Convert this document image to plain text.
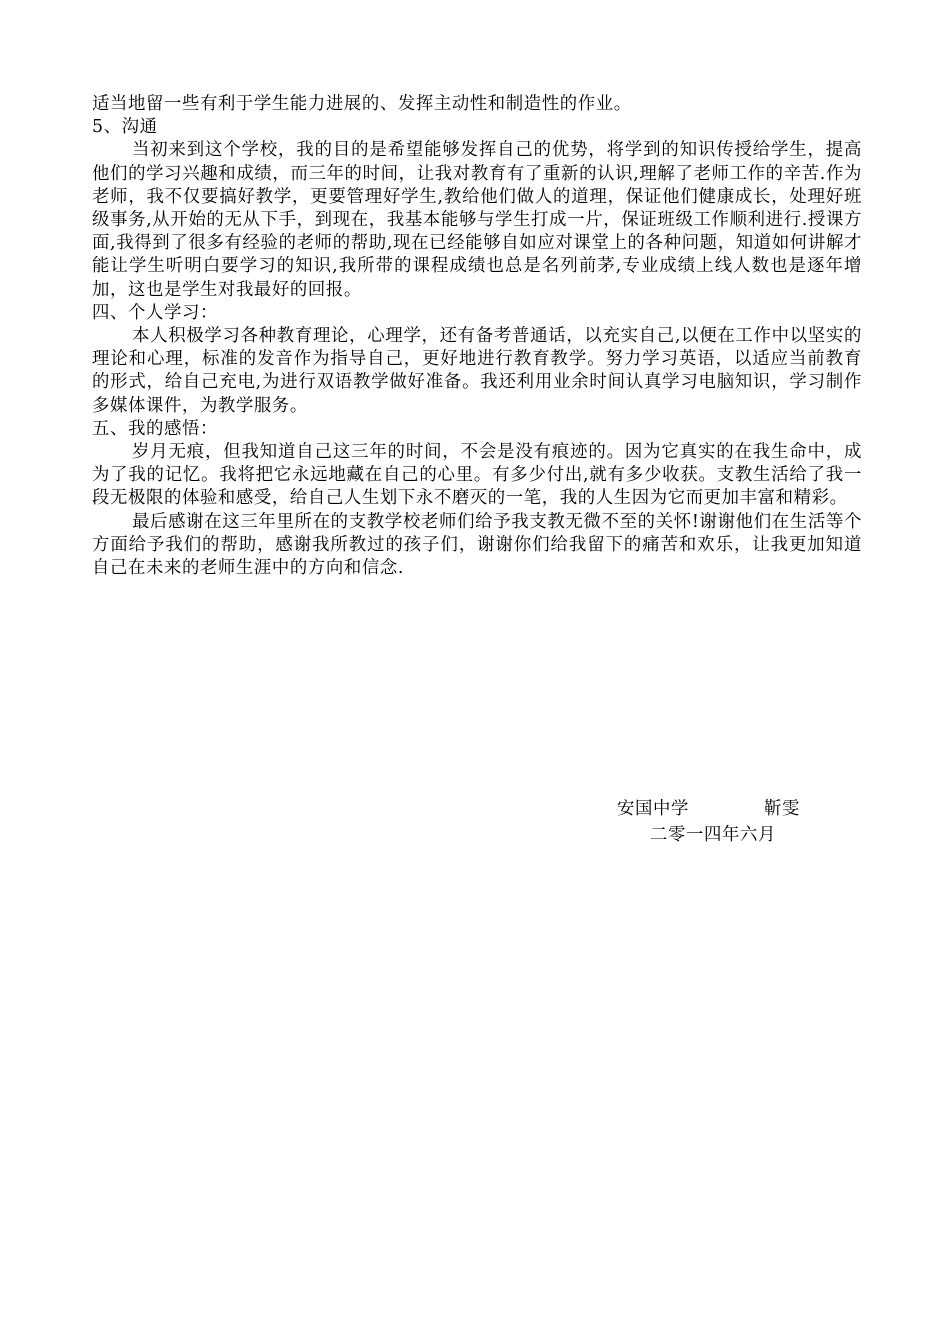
适当地留一些有利于学生能力进展的、发挥主动性和制造性的作业。

5、沟通

当初来到这个学校，我的目的是希望能够发挥自己的优势，将学到的知识传授给学生，提高他们的学习兴趣和成绩，而三年的时间，让我对教育有了重新的认识,理解了老师工作的辛苦.作为老师，我不仅要搞好教学，更要管理好学生,教给他们做人的道理，保证他们健康成长，处理好班级事务,从开始的无从下手，到现在，我基本能够与学生打成一片，保证班级工作顺利进行.授课方面,我得到了很多有经验的老师的帮助,现在已经能够自如应对课堂上的各种问题，知道如何讲解才能让学生听明白要学习的知识,我所带的课程成绩也总是名列前茅,专业成绩上线人数也是逐年增加，这也是学生对我最好的回报。

四、个人学习：

本人积极学习各种教育理论，心理学，还有备考普通话，以充实自己,以便在工作中以坚实的理论和心理，标准的发音作为指导自己，更好地进行教育教学。努力学习英语，以适应当前教育的形式，给自己充电,为进行双语教学做好准备。我还利用业余时间认真学习电脑知识，学习制作多媒体课件，为教学服务。

五、我的感悟：

岁月无痕，但我知道自己这三年的时间，不会是没有痕迹的。因为它真实的在我生命中，成为了我的记忆。我将把它永远地藏在自己的心里。有多少付出,就有多少收获。支教生活给了我一段无极限的体验和感受，给自己人生划下永不磨灭的一笔，我的人生因为它而更加丰富和精彩。

最后感谢在这三年里所在的支教学校老师们给予我支教无微不至的关怀!谢谢他们在生活等个方面给予我们的帮助，感谢我所教过的孩子们，谢谢你们给我留下的痛苦和欢乐，让我更加知道自己在未来的老师生涯中的方向和信念.

安国中学	靳雯
二零一四年六月
